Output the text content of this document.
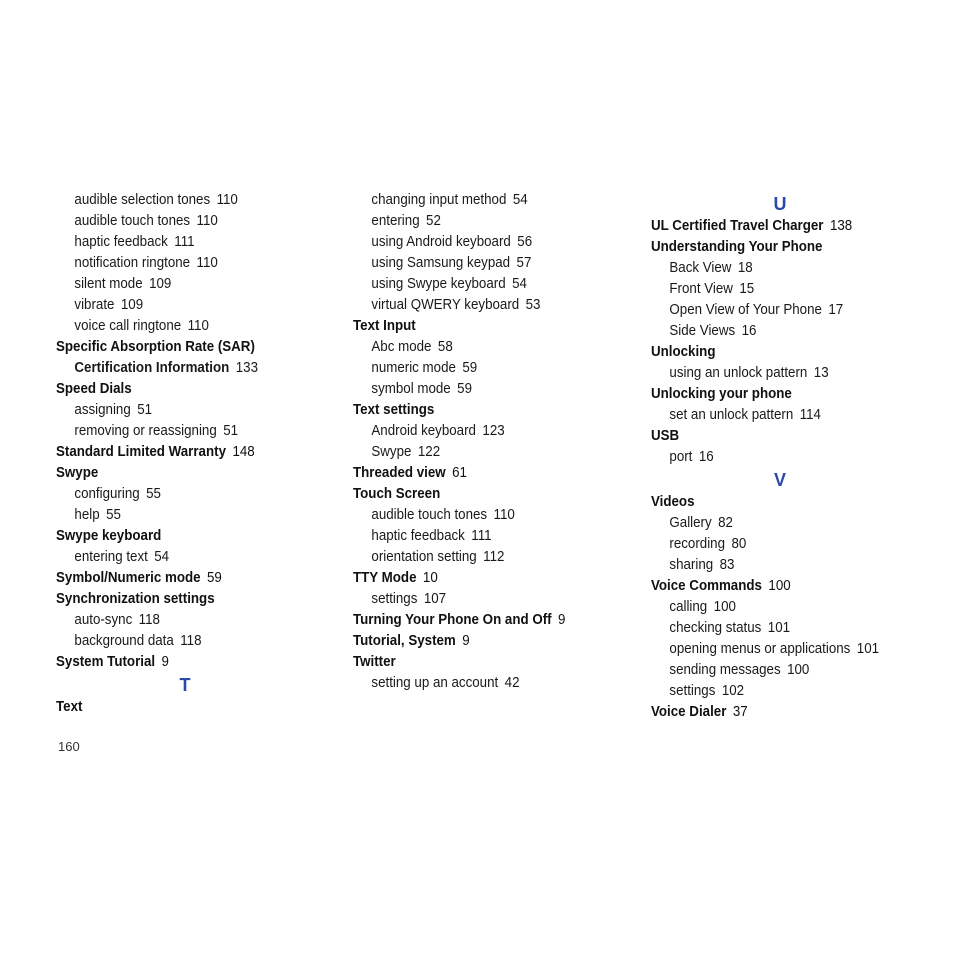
audible selection tones 110
audible touch tones 110
haptic feedback 111
notification ringtone 110
silent mode 109
vibrate 109
voice call ringtone 110
Specific Absorption Rate (SAR)
Certification Information 133
Speed Dials
assigning 51
removing or reassigning 51
Standard Limited Warranty 148
Swype
configuring 55
help 55
Swype keyboard
entering text 54
Symbol/Numeric mode 59
Synchronization settings
auto-sync 118
background data 118
System Tutorial 9
T
Text
changing input method 54
entering 52
using Android keyboard 56
using Samsung keypad 57
using Swype keyboard 54
virtual QWERY keyboard 53
Text Input
Abc mode 58
numeric mode 59
symbol mode 59
Text settings
Android keyboard 123
Swype 122
Threaded view 61
Touch Screen
audible touch tones 110
haptic feedback 111
orientation setting 112
TTY Mode 10
settings 107
Turning Your Phone On and Off 9
Tutorial, System 9
Twitter
setting up an account 42
U
UL Certified Travel Charger 138
Understanding Your Phone
Back View 18
Front View 15
Open View of Your Phone 17
Side Views 16
Unlocking
using an unlock pattern 13
Unlocking your phone
set an unlock pattern 114
USB
port 16
V
Videos
Gallery 82
recording 80
sharing 83
Voice Commands 100
calling 100
checking status 101
opening menus or applications 101
sending messages 100
settings 102
Voice Dialer 37
160
